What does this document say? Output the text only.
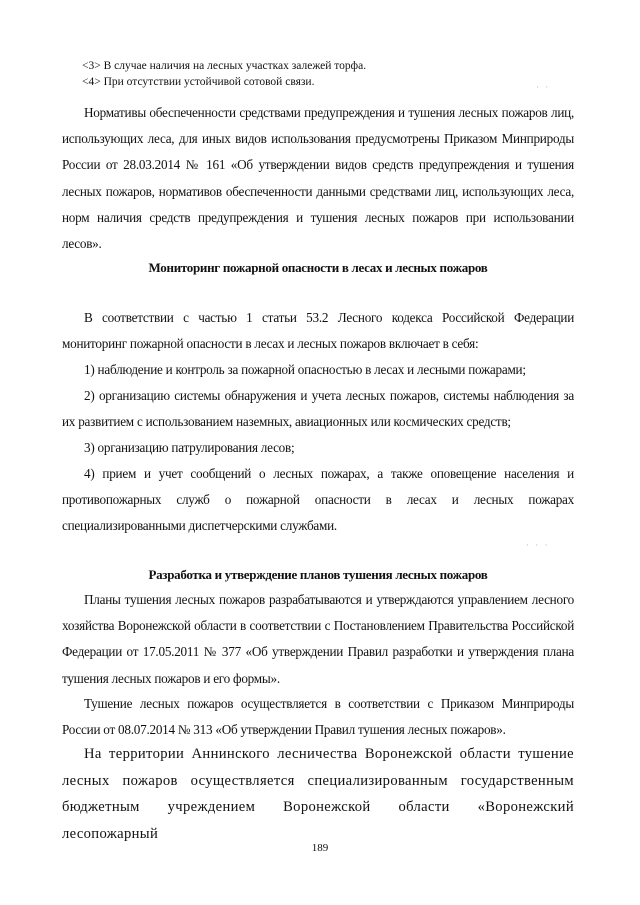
<3> В случае наличия на лесных участках залежей торфа.
<4> При отсутствии устойчивой сотовой связи.
Нормативы обеспеченности средствами предупреждения и тушения лесных пожаров лиц, использующих леса, для иных видов использования предусмотрены Приказом Минприроды России от 28.03.2014 № 161 «Об утверждении видов средств предупреждения и тушения лесных пожаров, нормативов обеспеченности данными средствами лиц, использующих леса, норм наличия средств предупреждения и тушения лесных пожаров при использовании лесов».
Мониторинг пожарной опасности в лесах и лесных пожаров
В соответствии с частью 1 статьи 53.2 Лесного кодекса Российской Федерации мониторинг пожарной опасности в лесах и лесных пожаров включает в себя:
1) наблюдение и контроль за пожарной опасностью в лесах и лесными пожарами;
2) организацию системы обнаружения и учета лесных пожаров, системы наблюдения за их развитием с использованием наземных, авиационных или космических средств;
3) организацию патрулирования лесов;
4) прием и учет сообщений о лесных пожарах, а также оповещение населения и противопожарных служб о пожарной опасности в лесах и лесных пожарах специализированными диспетчерскими службами.
Разработка и утверждение планов тушения лесных пожаров
Планы тушения лесных пожаров разрабатываются и утверждаются управлением лесного хозяйства Воронежской области в соответствии с Постановлением Правительства Российской Федерации от 17.05.2011 № 377 «Об утверждении Правил разработки и утверждения плана тушения лесных пожаров и его формы».
Тушение лесных пожаров осуществляется в соответствии с Приказом Минприроды России от 08.07.2014 № 313 «Об утверждении Правил тушения лесных пожаров».
На территории Аннинского лесничества Воронежской области тушение лесных пожаров осуществляется специализированным государственным бюджетным учреждением Воронежской области «Воронежский лесопожарный
189
· ·
· · ·
